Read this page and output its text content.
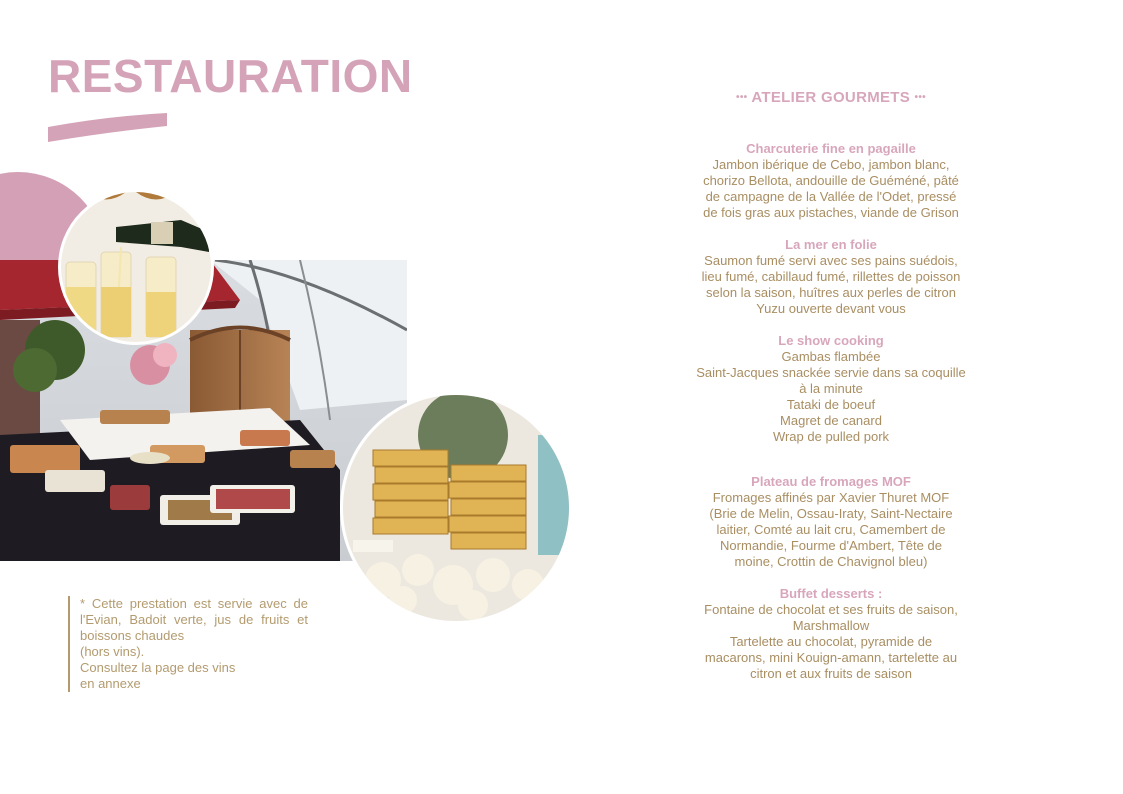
RESTAURATION
* Cette prestation est servie avec de l'Evian, Badoit verte, jus de fruits et boissons chaudes
(hors vins).
Consultez la page des vins
en annexe
••• ATELIER GOURMETS •••
Charcuterie fine en pagaille
Jambon ibérique de Cebo, jambon blanc,
chorizo Bellota, andouille de Guéméné, pâté
de campagne de la Vallée de l'Odet, pressé
de fois gras aux pistaches, viande de Grison
La mer en folie
Saumon fumé servi avec ses pains suédois,
lieu fumé, cabillaud fumé, rillettes de poisson
selon la saison, huîtres aux perles de citron
Yuzu ouverte devant vous
Le show cooking
Gambas flambée
Saint-Jacques snackée servie dans sa coquille
à la minute
Tataki de boeuf
Magret de canard
Wrap de pulled pork
Plateau de fromages MOF
Fromages affinés par Xavier Thuret MOF
(Brie de Melin, Ossau-Iraty, Saint-Nectaire
laitier, Comté au lait cru, Camembert de
Normandie, Fourme d'Ambert, Tête de
moine, Crottin de Chavignol bleu)
Buffet desserts :
Fontaine de chocolat et ses fruits de saison,
Marshmallow
Tartelette au chocolat, pyramide de
macarons, mini Kouign-amann, tartelette au
citron et aux fruits de saison
